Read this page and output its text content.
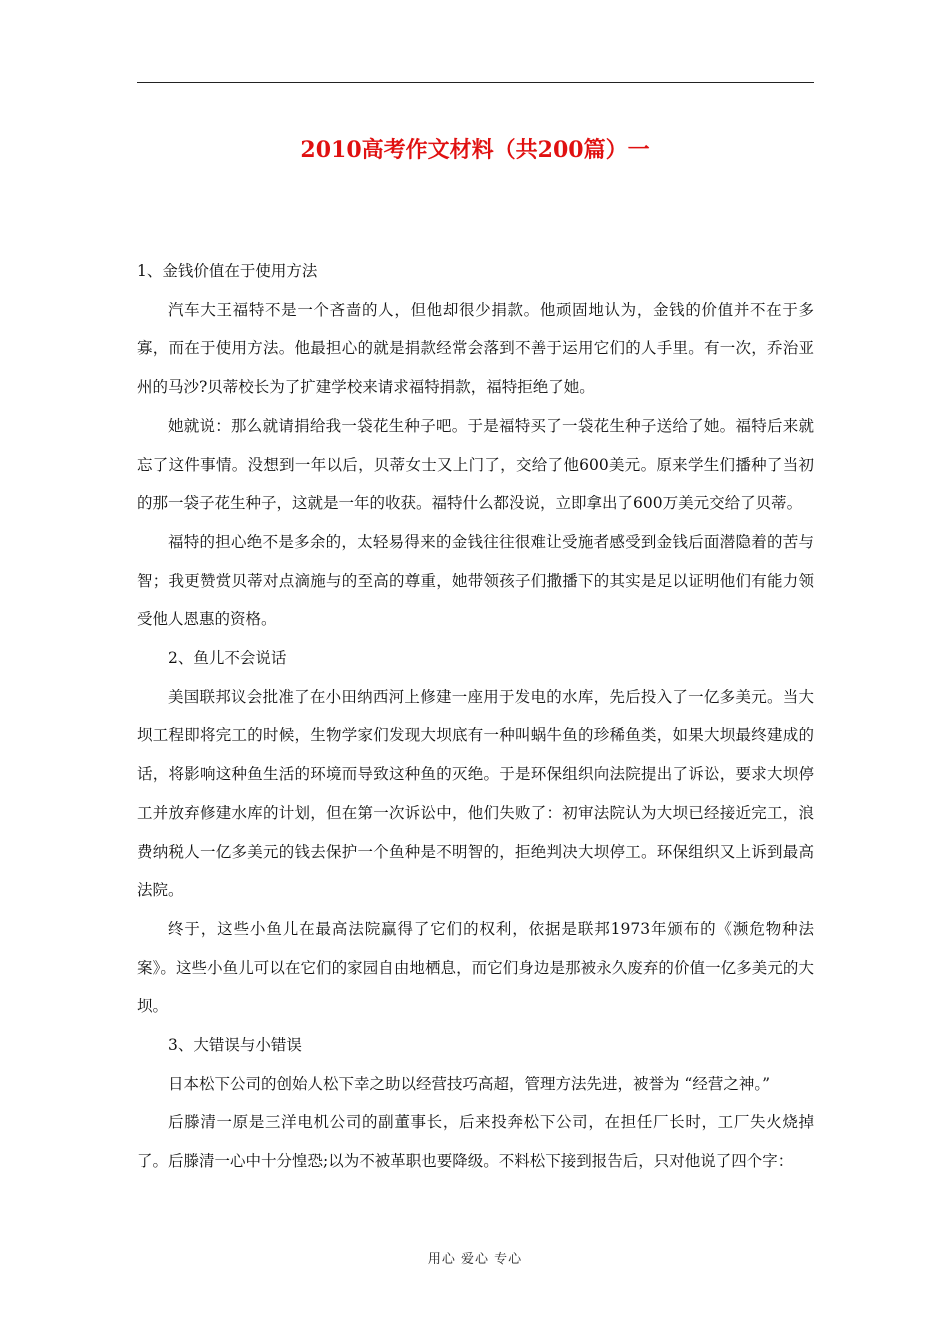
2010高考作文材料（共200篇）一

1、金钱价值在于使用方法

汽车大王福特不是一个吝啬的人，但他却很少捐款。他顽固地认为，金钱的价值并不在于多寡，而在于使用方法。他最担心的就是捐款经常会落到不善于运用它们的人手里。有一次，乔治亚州的马沙?贝蒂校长为了扩建学校来请求福特捐款，福特拒绝了她。

她就说：那么就请捐给我一袋花生种子吧。于是福特买了一袋花生种子送给了她。福特后来就忘了这件事情。没想到一年以后，贝蒂女士又上门了，交给了他600美元。原来学生们播种了当初的那一袋子花生种子，这就是一年的收获。福特什么都没说，立即拿出了600万美元交给了贝蒂。

福特的担心绝不是多余的，太轻易得来的金钱往往很难让受施者感受到金钱后面潜隐着的苦与智；我更赞赏贝蒂对点滴施与的至高的尊重，她带领孩子们撒播下的其实是足以证明他们有能力领受他人恩惠的资格。

2、鱼儿不会说话

美国联邦议会批准了在小田纳西河上修建一座用于发电的水库，先后投入了一亿多美元。当大坝工程即将完工的时候，生物学家们发现大坝底有一种叫蜗牛鱼的珍稀鱼类，如果大坝最终建成的话，将影响这种鱼生活的环境而导致这种鱼的灭绝。于是环保组织向法院提出了诉讼，要求大坝停工并放弃修建水库的计划，但在第一次诉讼中，他们失败了：初审法院认为大坝已经接近完工，浪费纳税人一亿多美元的钱去保护一个鱼种是不明智的，拒绝判决大坝停工。环保组织又上诉到最高法院。

终于，这些小鱼儿在最高法院赢得了它们的权利，依据是联邦1973年颁布的《濒危物种法案》。这些小鱼儿可以在它们的家园自由地栖息，而它们身边是那被永久废弃的价值一亿多美元的大坝。

3、大错误与小错误

日本松下公司的创始人松下幸之助以经营技巧高超，管理方法先进，被誉为 “经营之神。”

后滕清一原是三洋电机公司的副董事长，后来投奔松下公司，在担任厂长时，工厂失火烧掉了。后滕清一心中十分惶恐;以为不被革职也要降级。不料松下接到报告后，只对他说了四个字：

用心 爱心 专心
